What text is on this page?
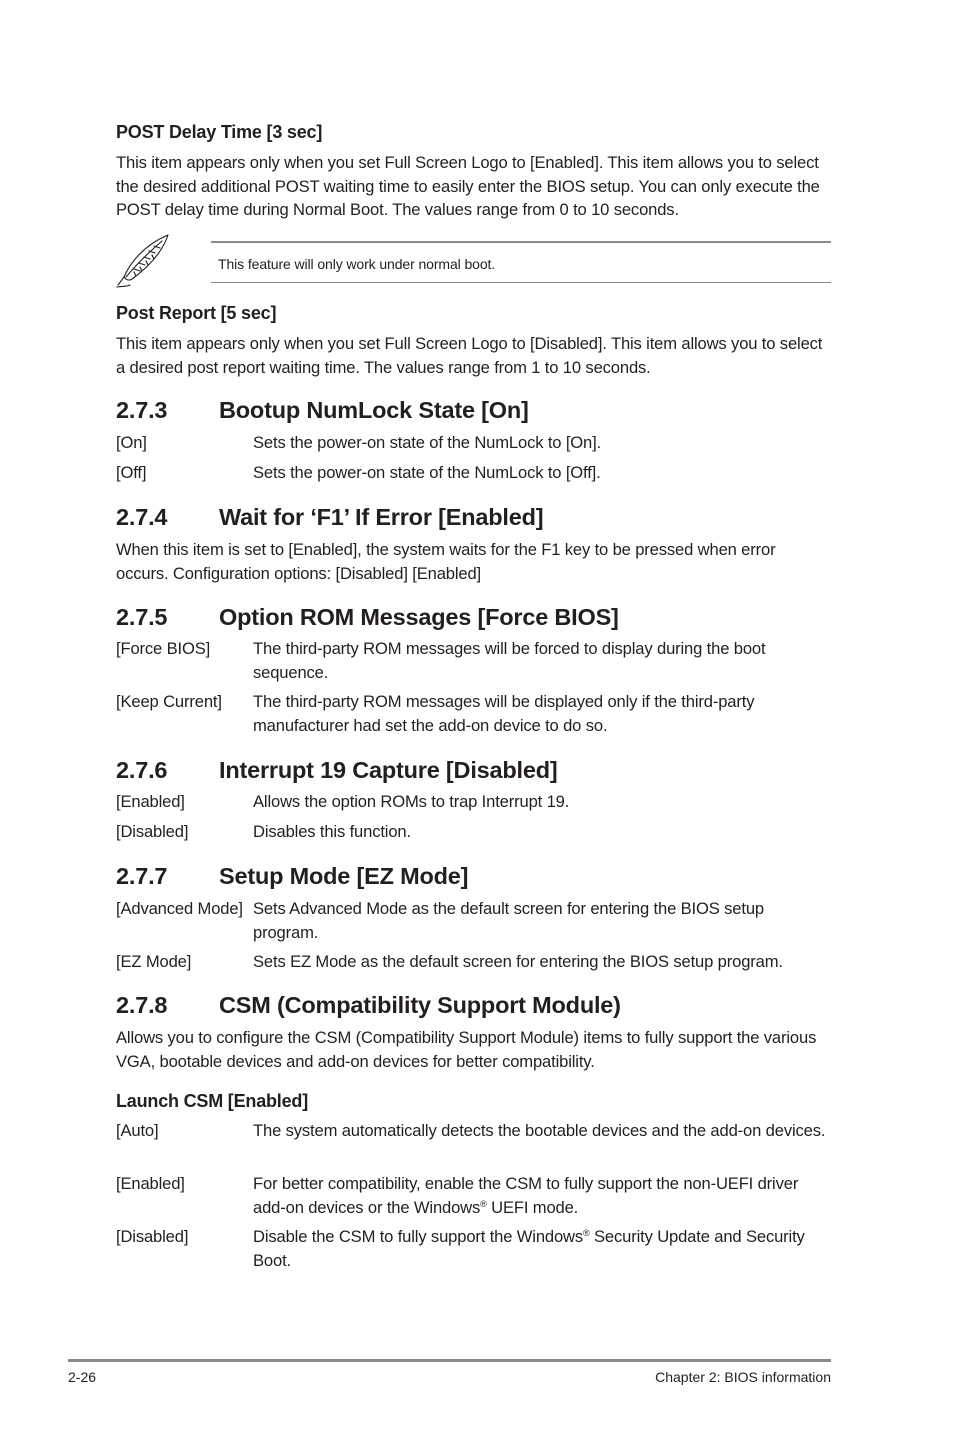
POST Delay Time [3 sec]
This item appears only when you set Full Screen Logo to [Enabled]. This item allows you to select the desired additional POST waiting time to easily enter the BIOS setup. You can only execute the POST delay time during Normal Boot. The values range from 0 to 10 seconds.
Post Report [5 sec]
This item appears only when you set Full Screen Logo to [Disabled]. This item allows you to select a desired post report waiting time. The values range from 1 to 10 seconds.
2.7.3 Bootup NumLock State [On]
[On]	Sets the power-on state of the NumLock to [On].
[Off]	Sets the power-on state of the NumLock to [Off].
2.7.4 Wait for ‘F1’ If Error [Enabled]
When this item is set to [Enabled], the system waits for the F1 key to be pressed when error occurs. Configuration options: [Disabled] [Enabled]
2.7.5 Option ROM Messages [Force BIOS]
[Force BIOS]	The third-party ROM messages will be forced to display during the boot sequence.
[Keep Current]	The third-party ROM messages will be displayed only if the third-party manufacturer had set the add-on device to do so.
2.7.6 Interrupt 19 Capture [Disabled]
[Enabled]	Allows the option ROMs to trap Interrupt 19.
[Disabled]	Disables this function.
2.7.7 Setup Mode [EZ Mode]
[Advanced Mode] Sets Advanced Mode as the default screen for entering the BIOS setup program.
[EZ Mode]	Sets EZ Mode as the default screen for entering the BIOS setup program.
2.7.8 CSM (Compatibility Support Module)
Allows you to configure the CSM (Compatibility Support Module) items to fully support the various VGA, bootable devices and add-on devices for better compatibility.
Launch CSM [Enabled]
[Auto]	The system automatically detects the bootable devices and the add-on devices.
[Enabled]	For better compatibility, enable the CSM to fully support the non-UEFI driver add-on devices or the Windows® UEFI mode.
[Disabled]	Disable the CSM to fully support the Windows® Security Update and Security Boot.
This feature will only work under normal boot.
2-26	Chapter 2: BIOS information
